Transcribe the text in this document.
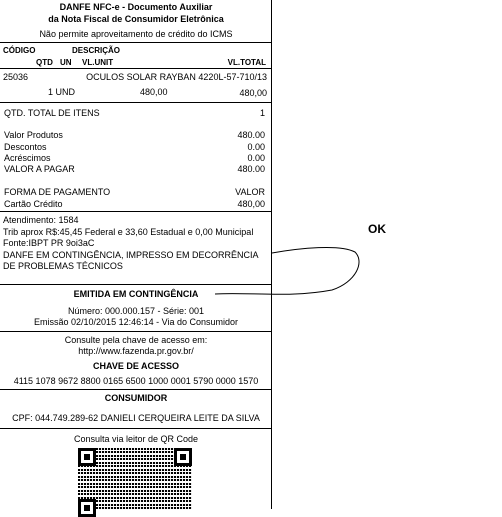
DANFE NFC-e - Documento Auxiliar
da Nota Fiscal de Consumidor Eletrônica
Não permite aproveitamento de crédito do ICMS
CÓDIGO	DESCRIÇÃO
QTD UN VL.UNIT	VL.TOTAL
25036	OCULOS SOLAR RAYBAN 4220L-57-710/13
1 UND	480,00	480,00
QTD. TOTAL DE ITENS	1
Valor Produtos	480.00
Descontos	0.00
Acréscimos	0.00
VALOR A PAGAR	480.00
FORMA DE PAGAMENTO	VALOR
Cartão Crédito	480,00
Atendimento: 1584
Trib aprox R$:45,45 Federal e 33,60 Estadual e 0,00 Municipal
Fonte:IBPT PR 9oi3aC
DANFE EM CONTINGÊNCIA, IMPRESSO EM DECORRÊNCIA
DE PROBLEMAS TÉCNICOS
EMITIDA EM CONTINGÊNCIA
Número: 000.000.157 - Série: 001
Emissão 02/10/2015 12:46:14 - Via do Consumidor
Consulte pela chave de acesso em:
http://www.fazenda.pr.gov.br/
CHAVE DE ACESSO
4115 1078 9672 8800 0165 6500 1000 0001 5790 0000 1570
CONSUMIDOR
CPF: 044.749.289-62 DANIELI CERQUEIRA LEITE DA SILVA
Consulta via leitor de QR Code
OK
